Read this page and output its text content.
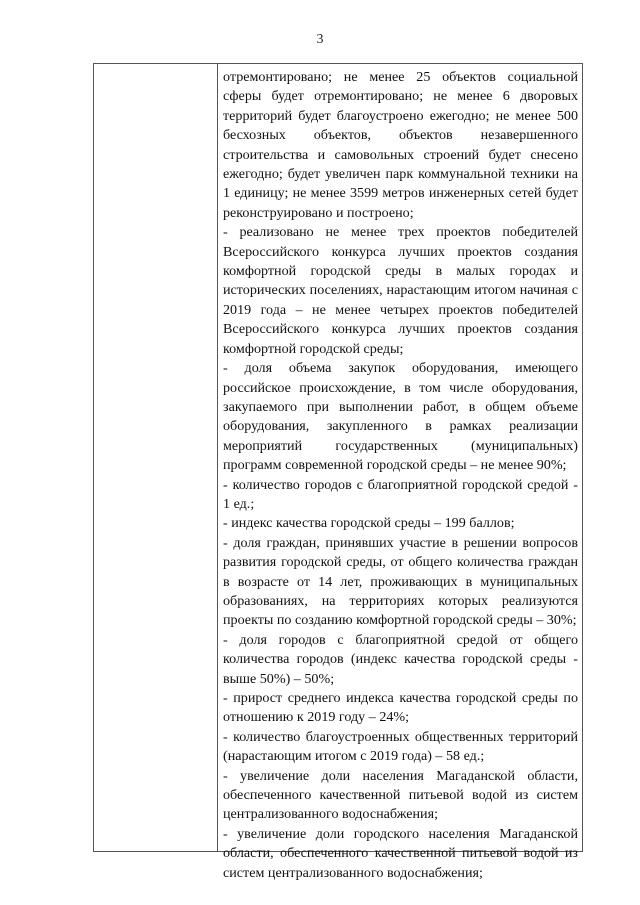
3

отремонтировано; не менее 25 объектов социальной сферы будет отремонтировано; не менее 6 дворовых территорий будет благоустроено ежегодно; не менее 500 бесхозных объектов, объектов незавершенного строительства и самовольных строений будет снесено ежегодно; будет увеличен парк коммунальной техники на 1 единицу; не менее 3599 метров инженерных сетей будет реконструировано и построено;

- реализовано не менее трех проектов победителей Всероссийского конкурса лучших проектов создания комфортной городской среды в малых городах и исторических поселениях, нарастающим итогом начиная с 2019 года – не менее четырех проектов победителей Всероссийского конкурса лучших проектов создания комфортной городской среды;

- доля объема закупок оборудования, имеющего российское происхождение, в том числе оборудования, закупаемого при выполнении работ, в общем объеме оборудования, закупленного в рамках реализации мероприятий государственных (муниципальных) программ современной городской среды – не менее 90%;

- количество городов с благоприятной городской средой - 1 ед.;

- индекс качества городской среды – 199 баллов;

- доля граждан, принявших участие в решении вопросов развития городской среды, от общего количества граждан в возрасте от 14 лет, проживающих в муниципальных образованиях, на территориях которых реализуются проекты по созданию комфортной городской среды – 30%;

- доля городов с благоприятной средой от общего количества городов (индекс качества городской среды - выше 50%) – 50%;

- прирост среднего индекса качества городской среды по отношению к 2019 году – 24%;

- количество благоустроенных общественных территорий (нарастающим итогом с 2019 года) – 58 ед.;

- увеличение доли населения Магаданской области, обеспеченного качественной питьевой водой из систем централизованного водоснабжения;

- увеличение доли городского населения Магаданской области, обеспеченного качественной питьевой водой из систем централизованного водоснабжения;
